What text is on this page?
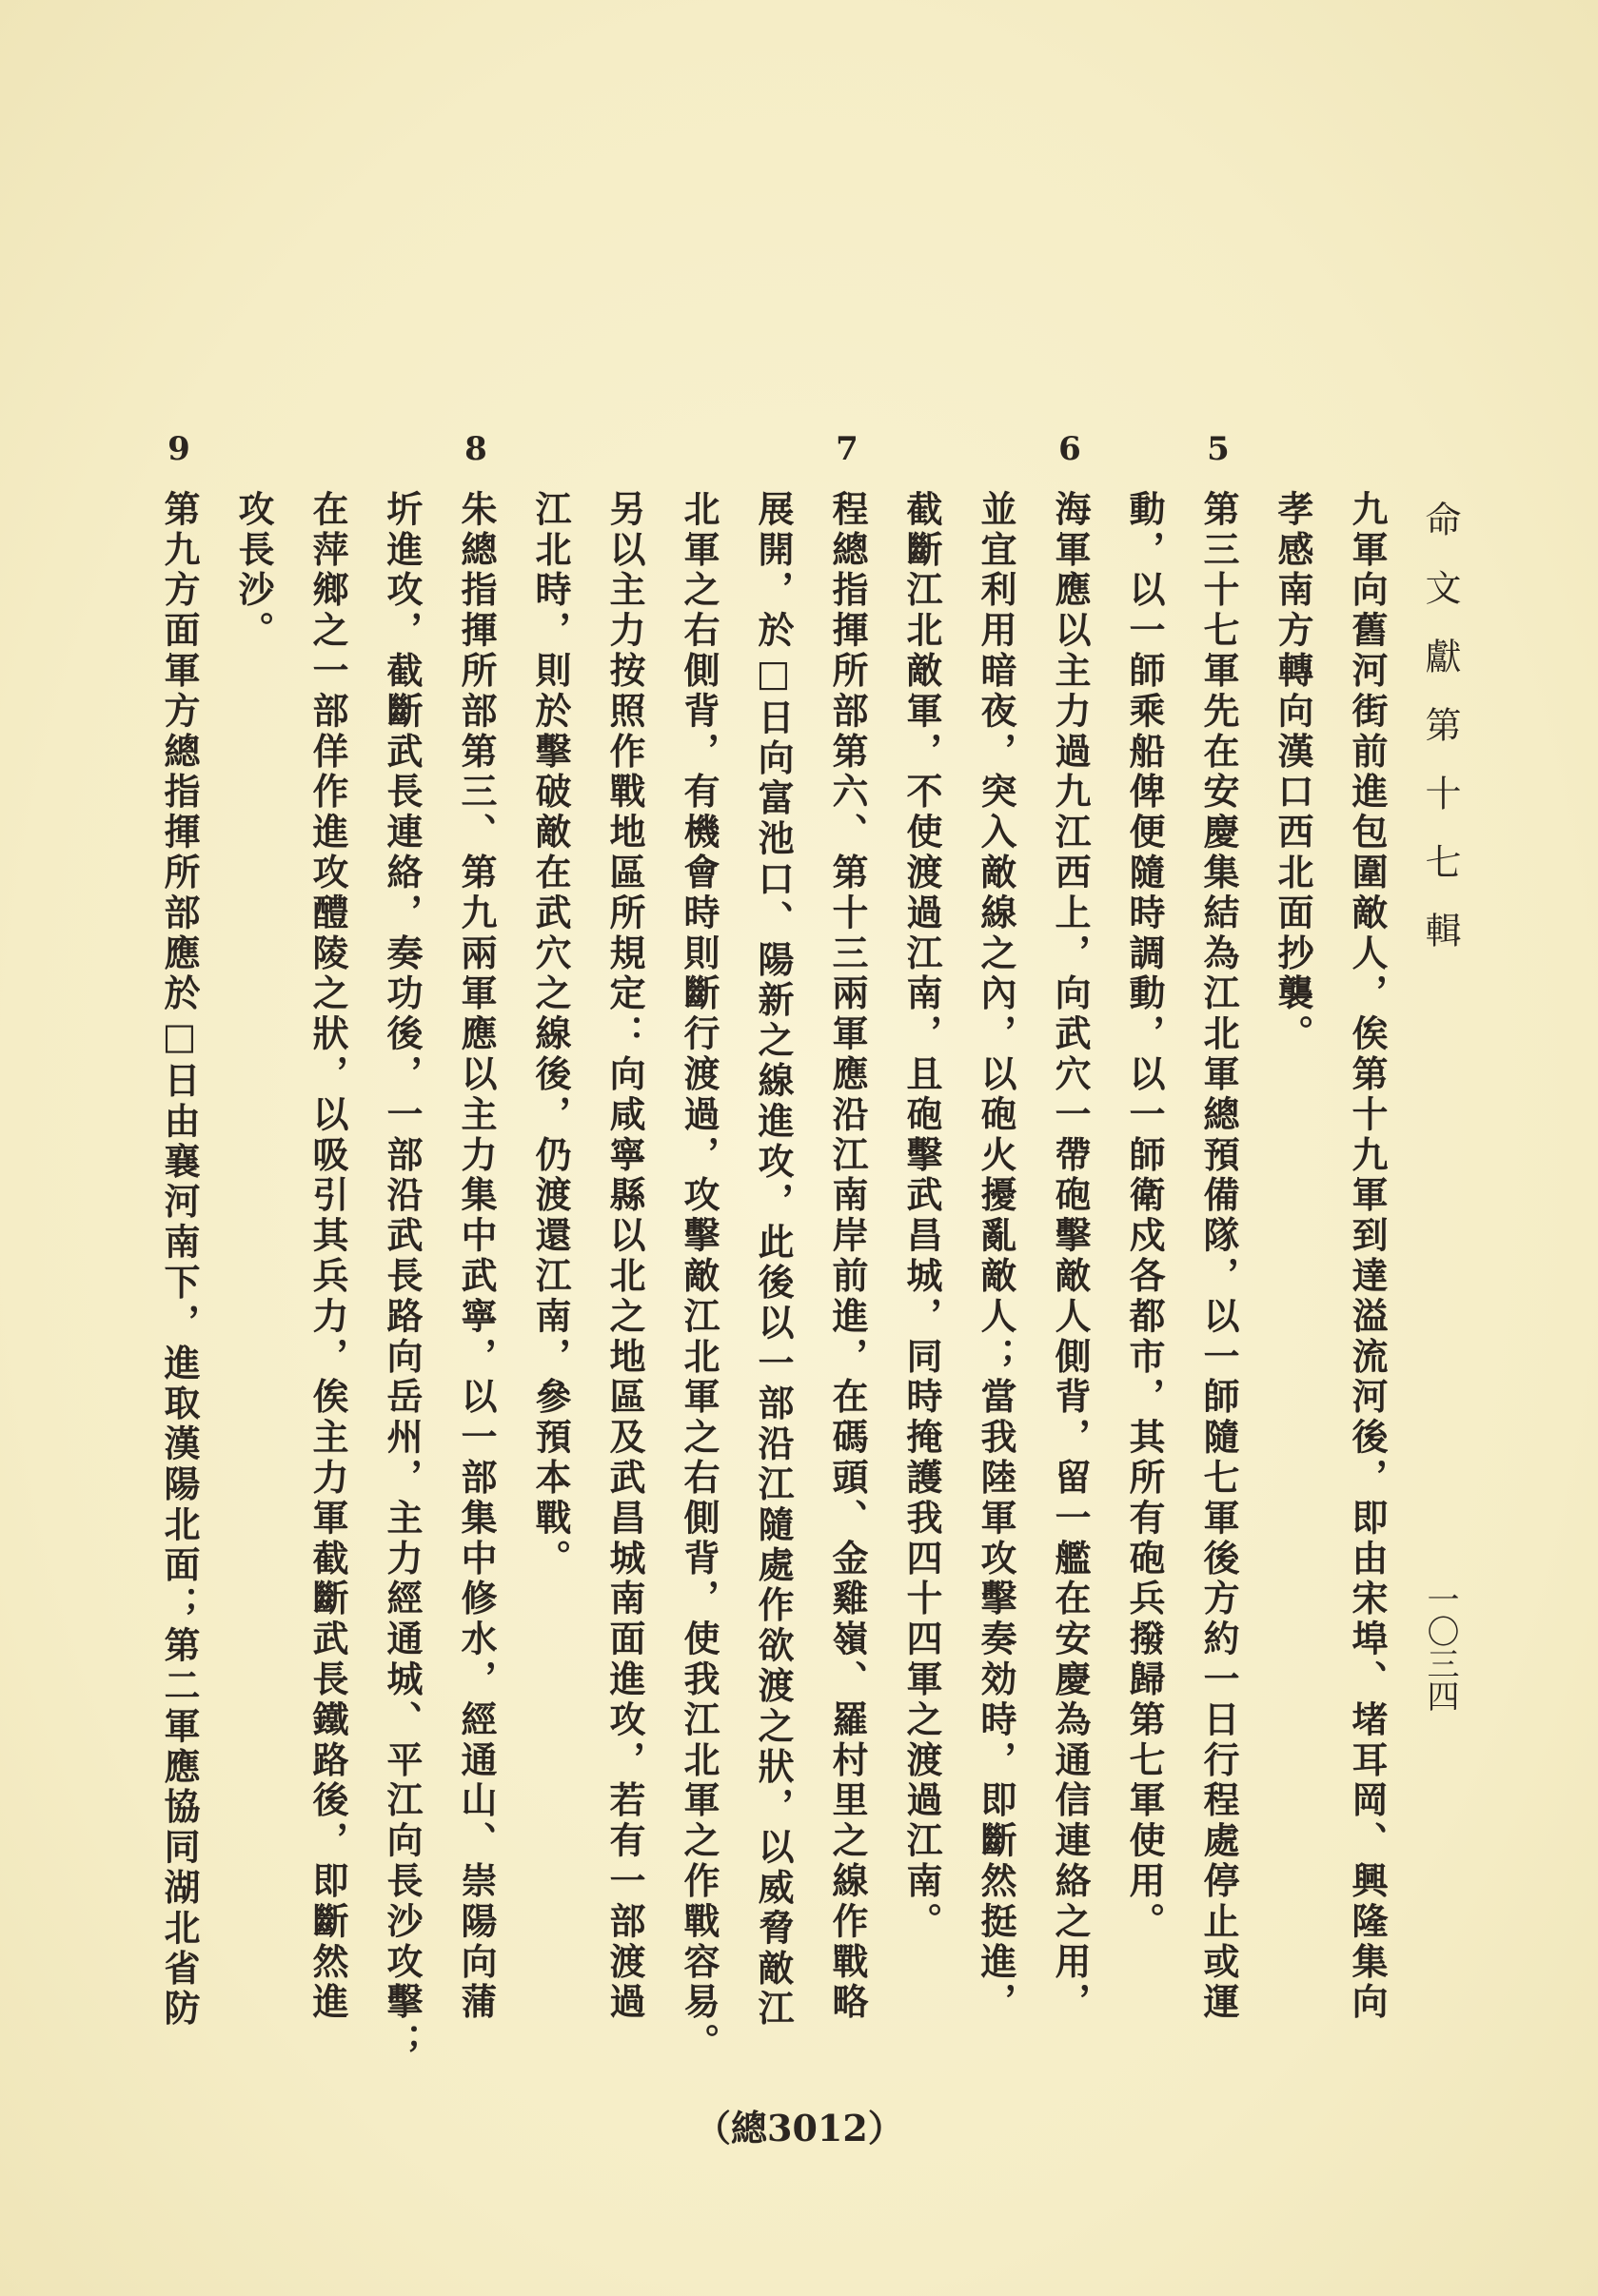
命文獻第十七輯
一〇三四
九軍向舊河街前進包圍敵人，俟第十九軍到達溢流河後，即由宋埠、堵耳岡、興隆集向
孝感南方轉向漢口西北面抄襲。
5
第三十七軍先在安慶集結為江北軍總預備隊，以一師隨七軍後方約一日行程處停止或運
動，以一師乘船俾便隨時調動，以一師衛戍各都市，其所有砲兵撥歸第七軍使用。
6
海軍應以主力過九江西上，向武穴一帶砲擊敵人側背，留一艦在安慶為通信連絡之用，
並宜利用暗夜，突入敵線之內，以砲火擾亂敵人；當我陸軍攻擊奏効時，即斷然挺進，
截斷江北敵軍，不使渡過江南，且砲擊武昌城，同時掩護我四十四軍之渡過江南。
7
程總指揮所部第六、第十三兩軍應沿江南岸前進，在碼頭、金雞嶺、羅村里之線作戰略
展開，於□日向富池口、陽新之線進攻，此後以一部沿江隨處作欲渡之狀，以威脅敵江
北軍之右側背，有機會時則斷行渡過，攻擊敵江北軍之右側背，使我江北軍之作戰容易。
另以主力按照作戰地區所規定：向咸寧縣以北之地區及武昌城南面進攻，若有一部渡過
江北時，則於擊破敵在武穴之線後，仍渡還江南，參預本戰。
8
朱總指揮所部第三、第九兩軍應以主力集中武寧，以一部集中修水，經通山、崇陽向蒲
圻進攻，截斷武長連絡，奏功後，一部沿武長路向岳州，主力經通城、平江向長沙攻擊；
在萍鄉之一部佯作進攻醴陵之狀，以吸引其兵力，俟主力軍截斷武長鐵路後，即斷然進
攻長沙。
9
第九方面軍方總指揮所部應於□日由襄河南下，進取漢陽北面；第二軍應協同湖北省防
（總3012）
